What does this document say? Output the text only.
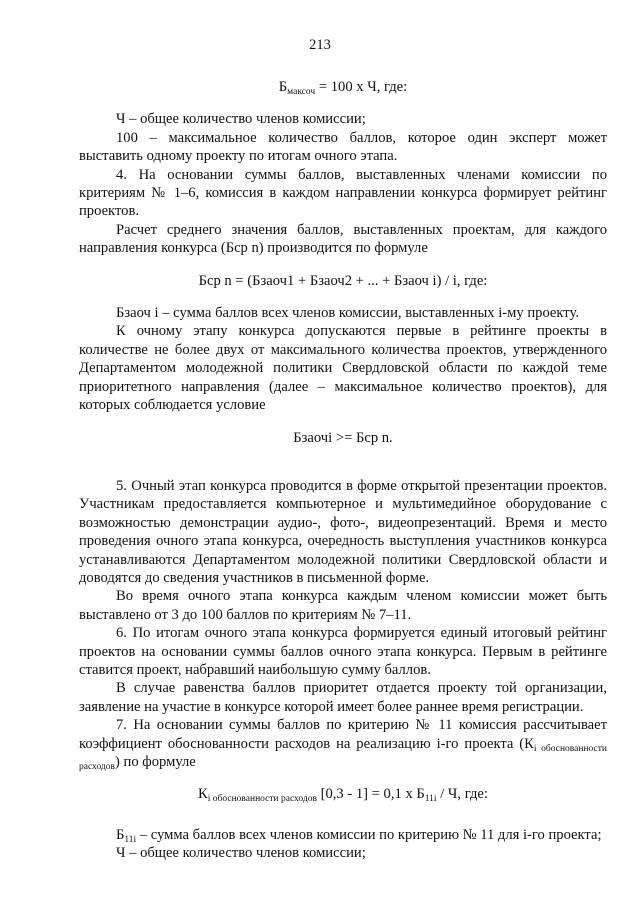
213

$Б_{максоч} = 100$ х Ч, где:

Ч – общее количество членов комиссии;

100 – максимальное количество баллов, которое один эксперт может выставить одному проекту по итогам очного этапа.

4. На основании суммы баллов, выставленных членами комиссии по критериям № 1–6, комиссия в каждом направлении конкурса формирует рейтинг проектов.

Расчет среднего значения баллов, выставленных проектам, для каждого направления конкурса (Бср n) производится по формуле

Бср n = (Бзаоч1 + Бзаоч2 + ... + Бзаоч i) / i, где:

Бзаоч i – сумма баллов всех членов комиссии, выставленных i-му проекту.

К очному этапу конкурса допускаются первые в рейтинге проекты в количестве не более двух от максимального количества проектов, утвержденного Департаментом молодежной политики Свердловской области по каждой теме приоритетного направления (далее – максимальное количество проектов), для которых соблюдается условие

Бзаочi >= Бср n.

5. Очный этап конкурса проводится в форме открытой презентации проектов. Участникам предоставляется компьютерное и мультимедийное оборудование с возможностью демонстрации аудио-, фото-, видеопрезентаций. Время и место проведения очного этапа конкурса, очередность выступления участников конкурса устанавливаются Департаментом молодежной политики Свердловской области и доводятся до сведения участников в письменной форме.

Во время очного этапа конкурса каждым членом комиссии может быть выставлено от 3 до 100 баллов по критериям № 7–11.

6. По итогам очного этапа конкурса формируется единый итоговый рейтинг проектов на основании суммы баллов очного этапа конкурса. Первым в рейтинге ставится проект, набравший наибольшую сумму баллов.

В случае равенства баллов приоритет отдается проекту той организации, заявление на участие в конкурсе которой имеет более раннее время регистрации.

7. На основании суммы баллов по критерию № 11 комиссия рассчитывает коэффициент обоснованности расходов на реализацию i-го проекта $(К_{i обоснованности расходов})$ по формуле

$К_{i обоснованности расходов}$ [0,3 - 1] = 0,1 х $Б_{11i}$ / Ч, где:

$Б_{11i}$ – сумма баллов всех членов комиссии по критерию № 11 для i-го проекта;

Ч – общее количество членов комиссии;
